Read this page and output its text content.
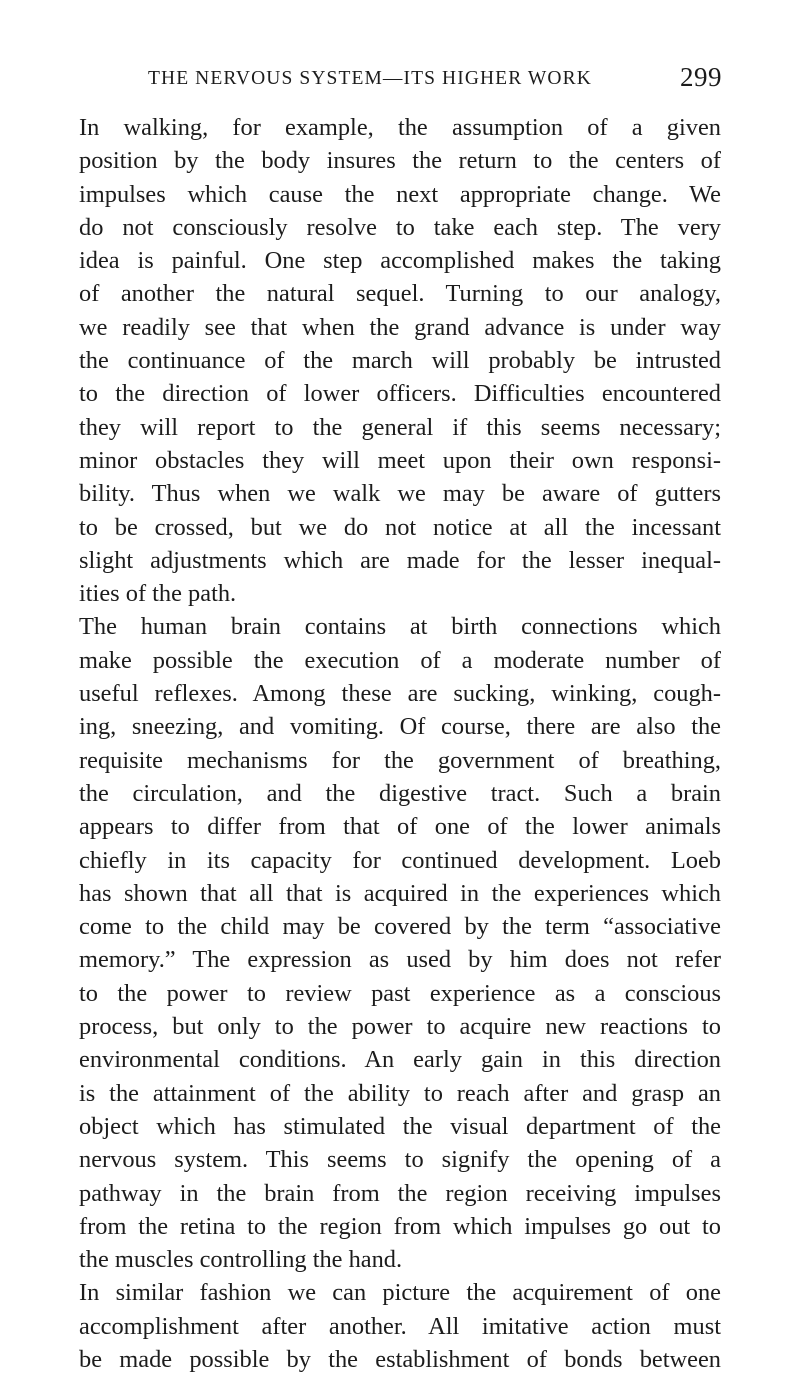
THE NERVOUS SYSTEM—ITS HIGHER WORK	299
In walking, for example, the assumption of a given
position by the body insures the return to the centers of
impulses which cause the next appropriate change. We
do not consciously resolve to take each step. The very
idea is painful. One step accomplished makes the taking
of another the natural sequel. Turning to our analogy,
we readily see that when the grand advance is under way
the continuance of the march will probably be intrusted
to the direction of lower officers. Difficulties encountered
they will report to the general if this seems necessary;
minor obstacles they will meet upon their own responsi-
bility. Thus when we walk we may be aware of gutters
to be crossed, but we do not notice at all the incessant
slight adjustments which are made for the lesser inequal-
ities of the path.
The human brain contains at birth connections which
make possible the execution of a moderate number of
useful reflexes. Among these are sucking, winking, cough-
ing, sneezing, and vomiting. Of course, there are also the
requisite mechanisms for the government of breathing,
the circulation, and the digestive tract. Such a brain
appears to differ from that of one of the lower animals
chiefly in its capacity for continued development. Loeb
has shown that all that is acquired in the experiences which
come to the child may be covered by the term “associative
memory.” The expression as used by him does not refer
to the power to review past experience as a conscious
process, but only to the power to acquire new reactions to
environmental conditions. An early gain in this direction
is the attainment of the ability to reach after and grasp an
object which has stimulated the visual department of the
nervous system. This seems to signify the opening of a
pathway in the brain from the region receiving impulses
from the retina to the region from which impulses go out to
the muscles controlling the hand.
In similar fashion we can picture the acquirement of one
accomplishment after another. All imitative action must
be made possible by the establishment of bonds between
